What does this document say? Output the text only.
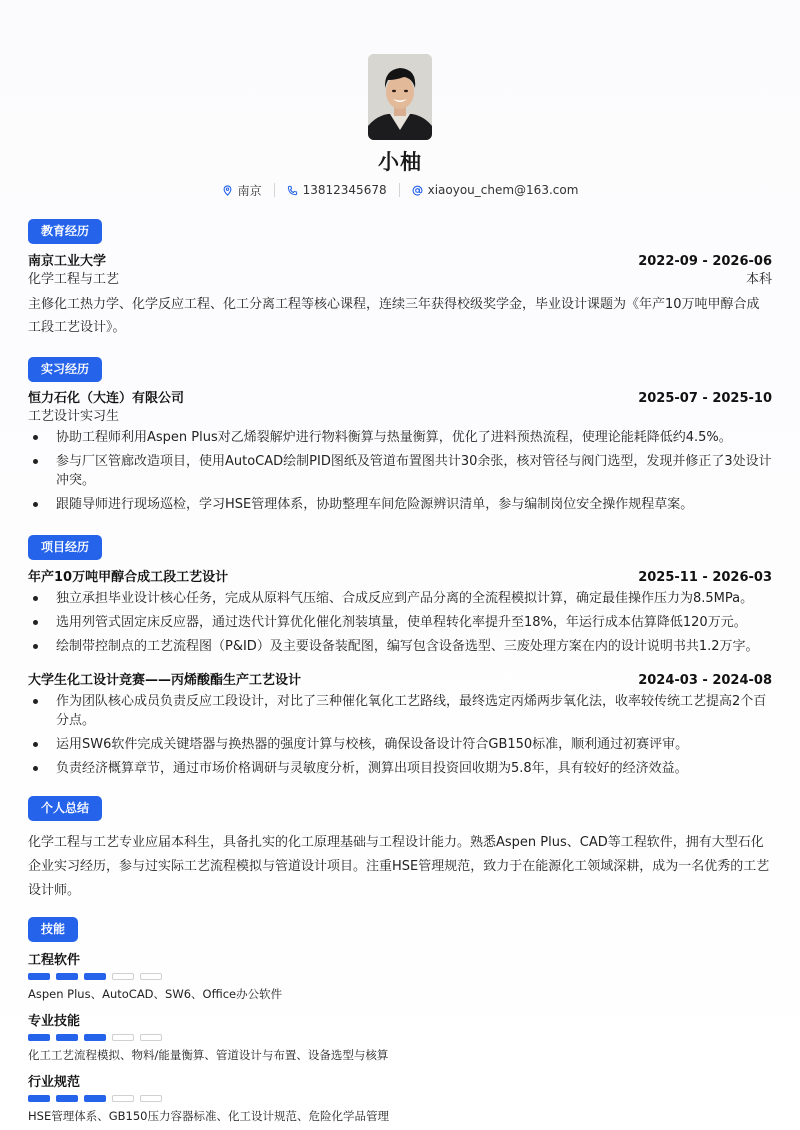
小柚
南京	13812345678	xiaoyou_chem@163.com
教育经历
南京工业大学	2022-09 - 2026-06
化学工程与工艺	本科
主修化工热力学、化学反应工程、化工分离工程等核心课程，连续三年获得校级奖学金，毕业设计课题为《年产10万吨甲醇合成工段工艺设计》。
实习经历
恒力石化（大连）有限公司	2025-07 - 2025-10
工艺设计实习生
协助工程师利用Aspen Plus对乙烯裂解炉进行物料衡算与热量衡算，优化了进料预热流程，使理论能耗降低约4.5%。
参与厂区管廊改造项目，使用AutoCAD绘制PID图纸及管道布置图共计30余张，核对管径与阀门选型，发现并修正了3处设计冲突。
跟随导师进行现场巡检，学习HSE管理体系，协助整理车间危险源辨识清单，参与编制岗位安全操作规程草案。
项目经历
年产10万吨甲醇合成工段工艺设计	2025-11 - 2026-03
独立承担毕业设计核心任务，完成从原料气压缩、合成反应到产品分离的全流程模拟计算，确定最佳操作压力为8.5MPa。
选用列管式固定床反应器，通过迭代计算优化催化剂装填量，使单程转化率提升至18%，年运行成本估算降低120万元。
绘制带控制点的工艺流程图（P&ID）及主要设备装配图，编写包含设备选型、三废处理方案在内的设计说明书共1.2万字。
大学生化工设计竞赛——丙烯酸酯生产工艺设计	2024-03 - 2024-08
作为团队核心成员负责反应工段设计，对比了三种催化氧化工艺路线，最终选定丙烯两步氧化法，收率较传统工艺提高2个百分点。
运用SW6软件完成关键塔器与换热器的强度计算与校核，确保设备设计符合GB150标准，顺利通过初赛评审。
负责经济概算章节，通过市场价格调研与灵敏度分析，测算出项目投资回收期为5.8年，具有较好的经济效益。
个人总结
化学工程与工艺专业应届本科生，具备扎实的化工原理基础与工程设计能力。熟悉Aspen Plus、CAD等工程软件，拥有大型石化企业实习经历，参与过实际工艺流程模拟与管道设计项目。注重HSE管理规范，致力于在能源化工领域深耕，成为一名优秀的工艺设计师。
技能
工程软件
Aspen Plus、AutoCAD、SW6、Office办公软件
专业技能
化工工艺流程模拟、物料/能量衡算、管道设计与布置、设备选型与核算
行业规范
HSE管理体系、GB150压力容器标准、化工设计规范、危险化学品管理
